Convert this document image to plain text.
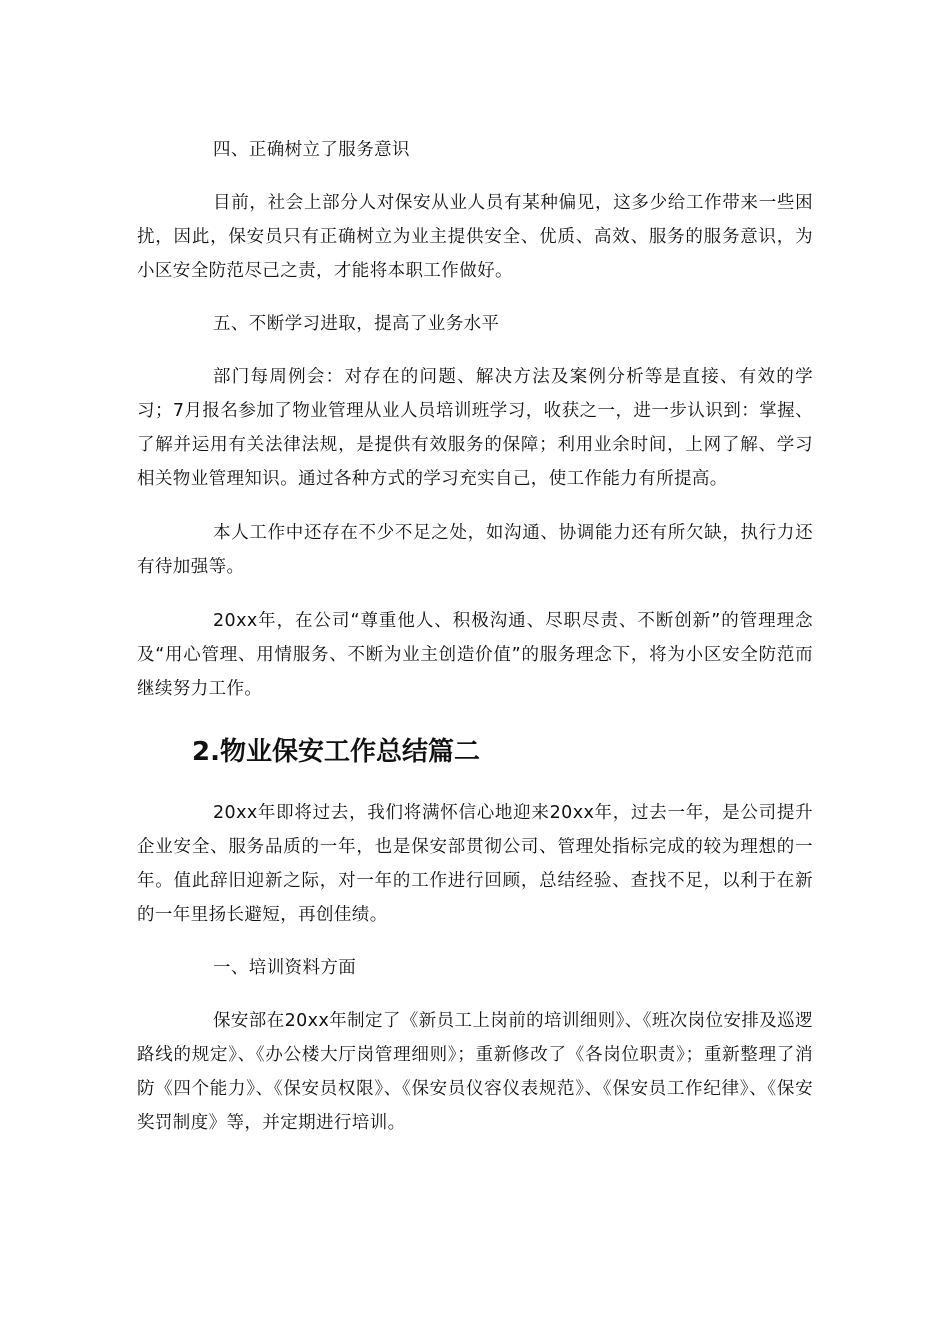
四、正确树立了服务意识

目前，社会上部分人对保安从业人员有某种偏见，这多少给工作带来一些困扰，因此，保安员只有正确树立为业主提供安全、优质、高效、服务的服务意识，为小区安全防范尽己之责，才能将本职工作做好。

五、不断学习进取，提高了业务水平

部门每周例会：对存在的问题、解决方法及案例分析等是直接、有效的学习；7月报名参加了物业管理从业人员培训班学习，收获之一，进一步认识到：掌握、了解并运用有关法律法规，是提供有效服务的保障；利用业余时间，上网了解、学习相关物业管理知识。通过各种方式的学习充实自己，使工作能力有所提高。

本人工作中还存在不少不足之处，如沟通、协调能力还有所欠缺，执行力还有待加强等。

20xx年，在公司“尊重他人、积极沟通、尽职尽责、不断创新”的管理理念及“用心管理、用情服务、不断为业主创造价值”的服务理念下，将为小区安全防范而继续努力工作。

2.物业保安工作总结篇二

20xx年即将过去，我们将满怀信心地迎来20xx年，过去一年，是公司提升企业安全、服务品质的一年，也是保安部贯彻公司、管理处指标完成的较为理想的一年。值此辞旧迎新之际，对一年的工作进行回顾，总结经验、查找不足，以利于在新的一年里扬长避短，再创佳绩。

一、培训资料方面

保安部在20xx年制定了《新员工上岗前的培训细则》、《班次岗位安排及巡逻路线的规定》、《办公楼大厅岗管理细则》；重新修改了《各岗位职责》；重新整理了消防《四个能力》、《保安员权限》、《保安员仪容仪表规范》、《保安员工作纪律》、《保安奖罚制度》等，并定期进行培训。
